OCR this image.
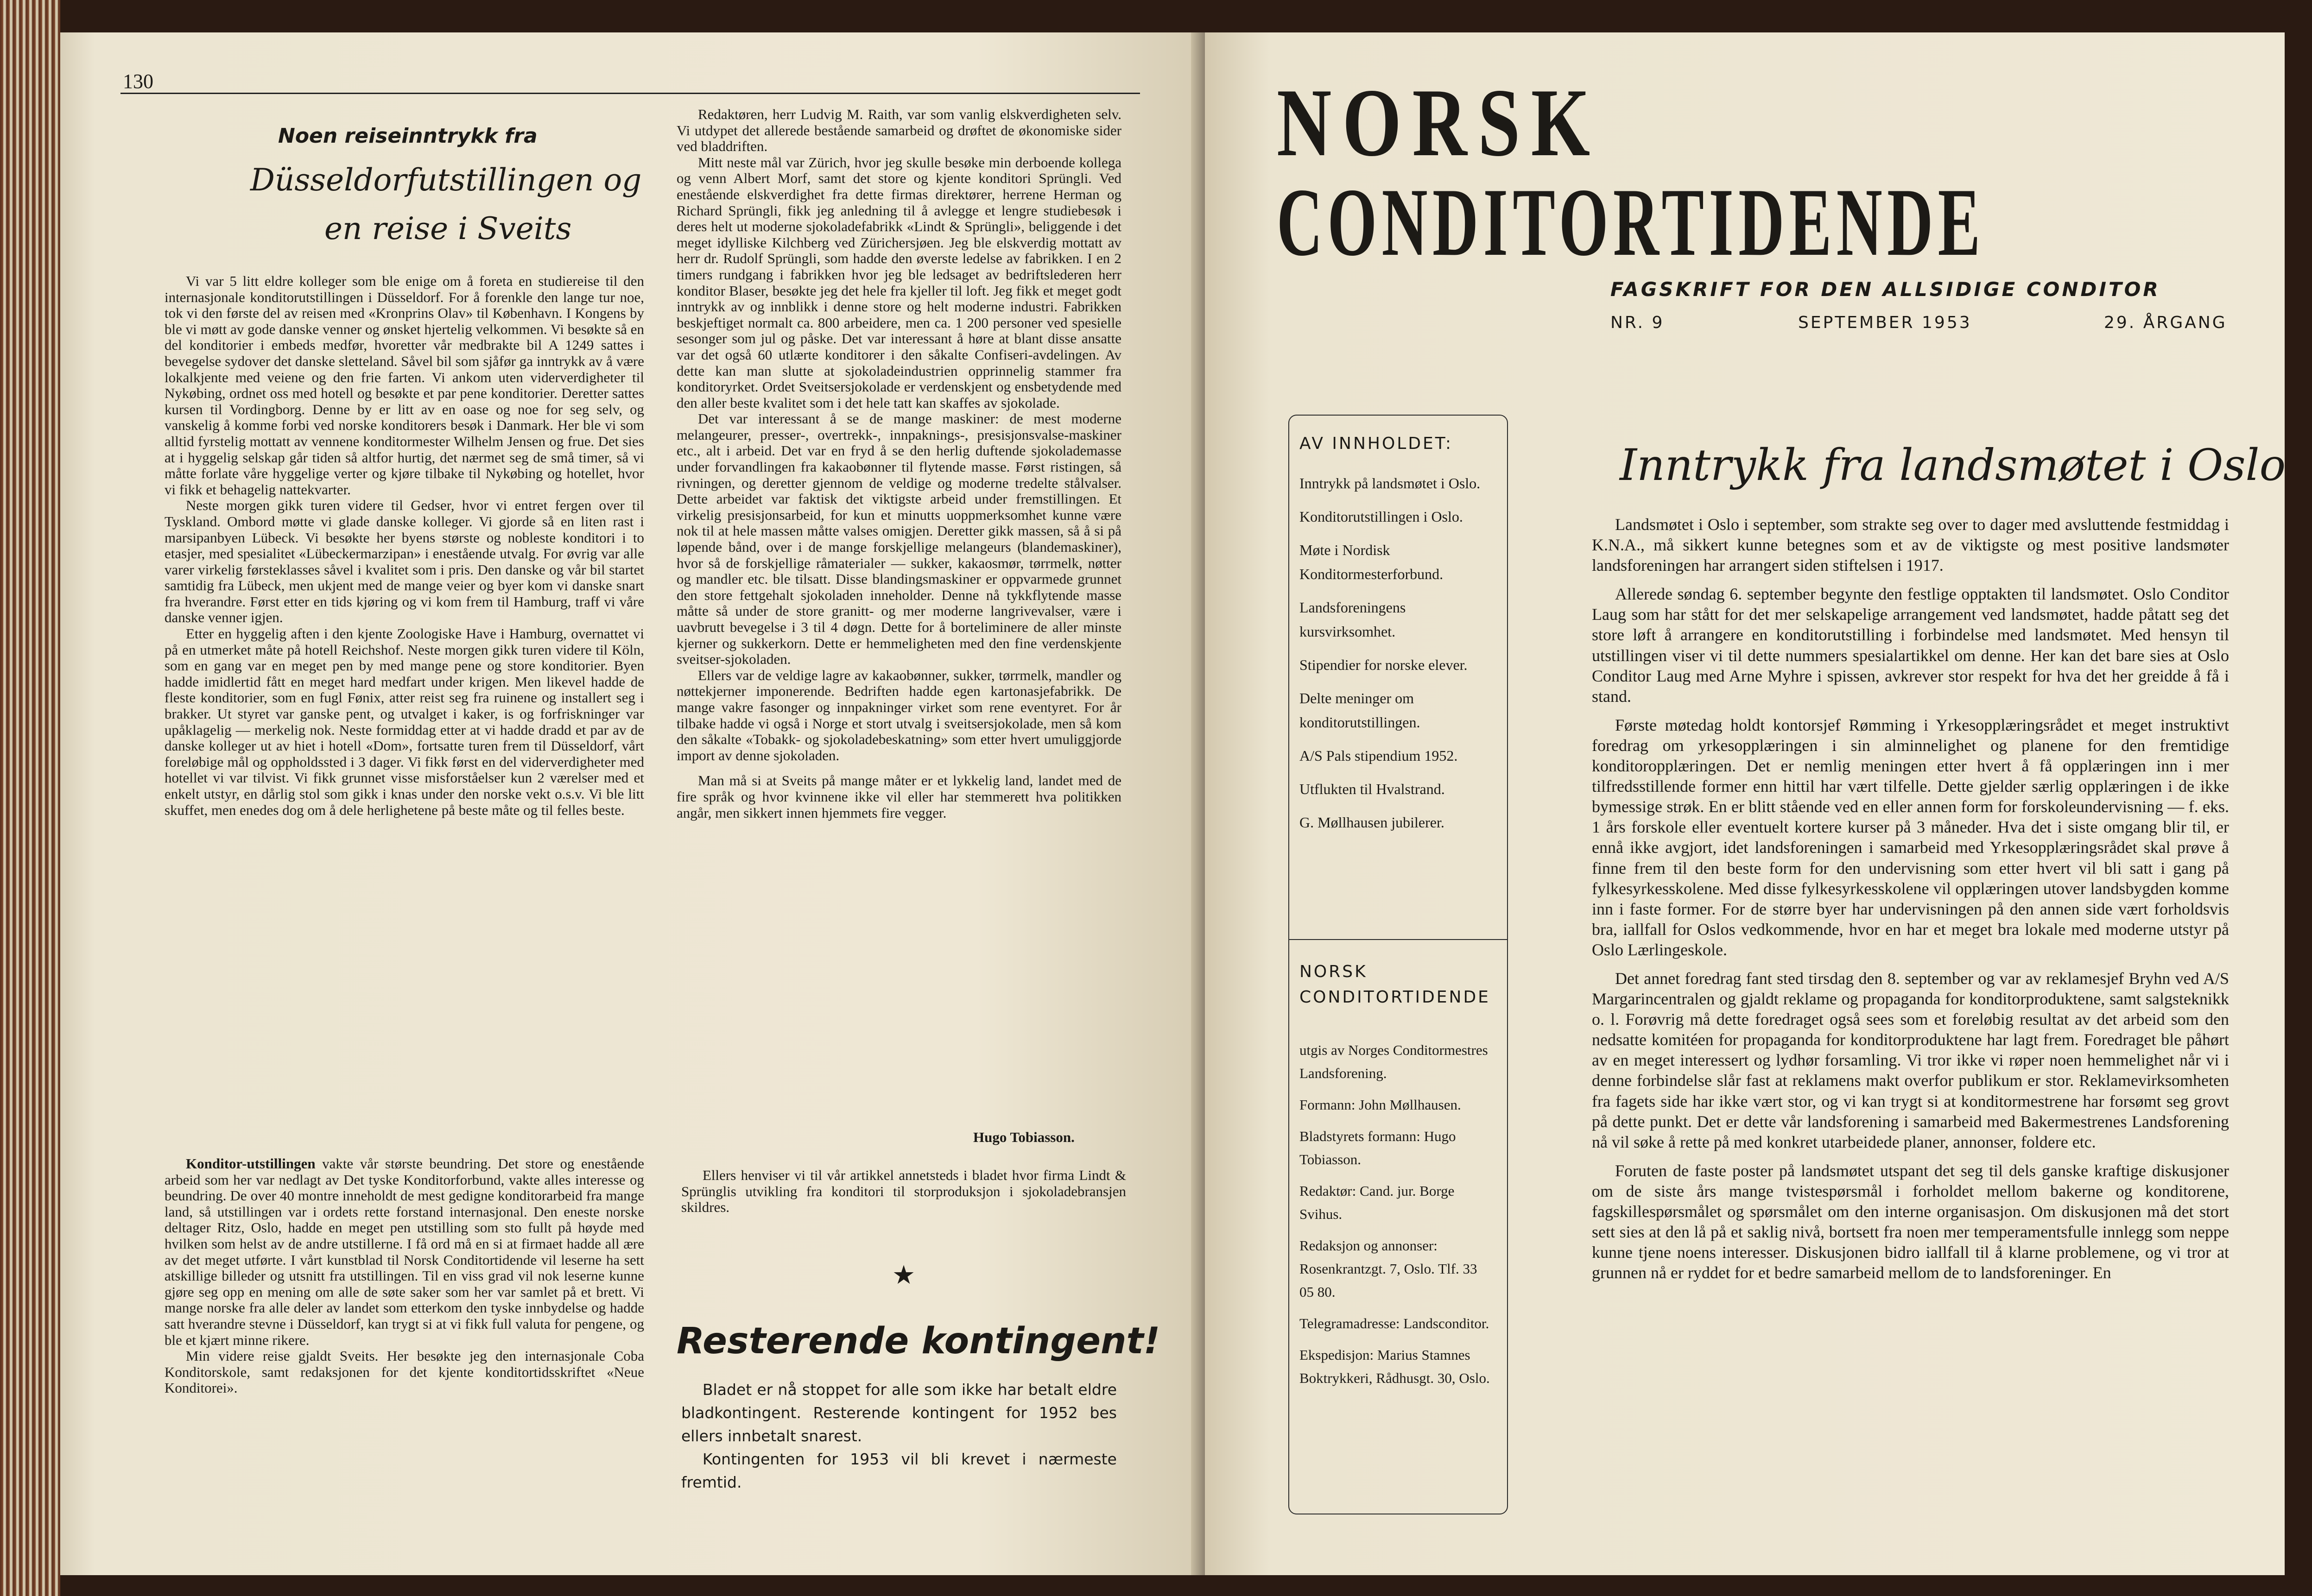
130
Noen reiseinntrykk fra
Düsseldorfutstillingen og
en reise i Sveits

Vi var 5 litt eldre kolleger som ble enige om å foreta en studiereise til den internasjonale konditorutstillingen i Düsseldorf. For å forenkle den lange tur noe, tok vi den første del av reisen med «Kronprins Olav» til København. I Kongens by ble vi møtt av gode danske venner og ønsket hjertelig velkommen. Vi besøkte så en del konditorier i embeds medfør, hvoretter vår medbrakte bil A 1249 sattes i bevegelse sydover det danske sletteland. Såvel bil som sjåfør ga inntrykk av å være lokalkjente med veiene og den frie farten. Vi ankom uten viderverdigheter til Nykøbing, ordnet oss med hotell og besøkte et par pene konditorier. Deretter sattes kursen til Vordingborg. Denne by er litt av en oase og noe for seg selv, og vanskelig å komme forbi ved norske konditorers besøk i Danmark. Her ble vi som alltid fyrstelig mottatt av vennene konditormester Wilhelm Jensen og frue. Det sies at i hyggelig selskap går tiden så altfor hurtig, det nærmet seg de små timer, så vi måtte forlate våre hyggelige verter og kjøre tilbake til Nykøbing og hotellet, hvor vi fikk et behagelig nattekvarter.

Neste morgen gikk turen videre til Gedser, hvor vi entret fergen over til Tyskland. Ombord møtte vi glade danske kolleger. Vi gjorde så en liten rast i marsipanbyen Lübeck. Vi besøkte her byens største og nobleste konditori i to etasjer, med spesialitet «Lübeckermarzipan» i enestående utvalg. For øvrig var alle varer virkelig førsteklasses såvel i kvalitet som i pris. Den danske og vår bil startet samtidig fra Lübeck, men ukjent med de mange veier og byer kom vi danske snart fra hverandre. Først etter en tids kjøring og vi kom frem til Hamburg, traff vi våre danske venner igjen.

Etter en hyggelig aften i den kjente Zoologiske Have i Hamburg, overnattet vi på en utmerket måte på hotell Reichshof. Neste morgen gikk turen videre til Köln, som en gang var en meget pen by med mange pene og store konditorier. Byen hadde imidlertid fått en meget hard medfart under krigen. Men likevel hadde de fleste konditorier, som en fugl Føniх, atter reist seg fra ruinene og installert seg i brakker. Ut styret var ganske pent, og utvalget i kaker, is og forfriskninger var upåklagelig — merkelig nok. Neste formiddag etter at vi hadde dradd et par av de danske kolleger ut av hiet i hotell «Dom», fortsatte turen frem til Düsseldorf, vårt foreløbige mål og oppholdssted i 3 dager. Vi fikk først en del viderverdigheter med hotellet vi var tilvist. Vi fikk grunnet visse misforståelser kun 2 værelser med et enkelt utstyr, en dårlig stol som gikk i knas under den norske vekt o.s.v. Vi ble litt skuffet, men enedes dog om å dele herlighetene på beste måte og til felles beste.

Konditor-utstillingen vakte vår største beundring. Det store og enestående arbeid som her var nedlagt av Det tyske Konditorforbund, vakte alles interesse og beundring. De over 40 montre inneholdt de mest gedigne konditorarbeid fra mange land, så utstillingen var i ordets rette forstand internasjonal. Den eneste norske deltager Ritz, Oslo, hadde en meget pen utstilling som sto fullt på høyde med hvilken som helst av de andre utstillerne. I få ord må en si at firmaet hadde all ære av det meget utførte. I vårt kunstblad til Norsk Conditortidende vil leserne ha sett atskillige billeder og utsnitt fra utstillingen. Til en viss grad vil nok leserne kunne gjøre seg opp en mening om alle de søte saker som her var samlet på et brett. Vi mange norske fra alle deler av landet som etterkom den tyske innbydelse og hadde satt hverandre stevne i Düsseldorf, kan trygt si at vi fikk full valuta for pengene, og ble et kjært minne rikere.

Min videre reise gjaldt Sveits. Her besøkte jeg den internasjonale Coba Konditorskole, samt redaksjonen for det kjente konditortidsskriftet «Neue Konditorei».

Redaktøren, herr Ludvig M. Raith, var som vanlig elskverdigheten selv. Vi utdypet det allerede bestående samarbeid og drøftet de økonomiske sider ved bladdriften.

Mitt neste mål var Zürich, hvor jeg skulle besøke min derboende kollega og venn Albert Morf, samt det store og kjente konditori Sprüngli. Ved enestående elskverdighet fra dette firmas direktører, herrene Herman og Richard Sprüngli, fikk jeg anledning til å avlegge et lengre studiebesøk i deres helt ut moderne sjokoladefabrikk «Lindt & Sprüngli», beliggende i det meget idylliske Kilchberg ved Zürichersjøen. Jeg ble elskverdig mottatt av herr dr. Rudolf Sprüngli, som hadde den øverste ledelse av fabrikken. I en 2 timers rundgang i fabrikken hvor jeg ble ledsaget av bedriftslederen herr konditor Blaser, besøkte jeg det hele fra kjeller til loft. Jeg fikk et meget godt inntrykk av og innblikk i denne store og helt moderne industri. Fabrikken beskjeftiget normalt ca. 800 arbeidere, men ca. 1 200 personer ved spesielle sesonger som jul og påske. Det var interessant å høre at blant disse ansatte var det også 60 utlærte konditorer i den såkalte Confiseri-avdelingen. Av dette kan man slutte at sjokoladeindustrien opprinnelig stammer fra konditoryrket. Ordet Sveitsersjokolade er verdenskjent og ensbetydende med den aller beste kvalitet som i det hele tatt kan skaffes av sjokolade.

Det var interessant å se de mange maskiner: de mest moderne melangeurer, presser-, overtrekk-, innpaknings-, presisjonsvalse-maskiner etc., alt i arbeid. Det var en fryd å se den herlig duftende sjokolademasse under forvandlingen fra kakaobønner til flytende masse. Først ristingen, så rivningen, og deretter gjennom de veldige og moderne tredelte stålvalser. Dette arbeidet var faktisk det viktigste arbeid under fremstillingen. Et virkelig presisjonsarbeid, for kun et minutts uoppmerksomhet kunne være nok til at hele massen måtte valses omigjen. Deretter gikk massen, så å si på løpende bånd, over i de mange forskjellige melangeurs (blandemaskiner), hvor så de forskjellige råmaterialer — sukker, kakaosmør, tørrmelk, nøtter og mandler etc. ble tilsatt. Disse blandingsmaskiner er oppvarmede grunnet den store fettgehalt sjokoladen inneholder. Denne nå tykkflytende masse måtte så under de store granitt- og mer moderne langrivevalser, være i uavbrutt bevegelse i 3 til 4 døgn. Dette for å borteliminere de aller minste kjerner og sukkerkorn. Dette er hemmeligheten med den fine verdenskjente sveitser-sjokoladen.

Ellers var de veldige lagre av kakaobønner, sukker, tørrmelk, mandler og nøttekjerner imponerende. Bedriften hadde egen kartonasjefabrikk. De mange vakre fasonger og innpakninger virket som rene eventyret. For år tilbake hadde vi også i Norge et stort utvalg i sveitsersjokolade, men så kom den såkalte «Tobakk- og sjokoladebeskatning» som etter hvert umuliggjorde import av denne sjokoladen.

Man må si at Sveits på mange måter er et lykkelig land, landet med de fire språk og hvor kvinnene ikke vil eller har stemmerett hva politikken angår, men sikkert innen hjemmets fire vegger.

Hugo Tobiasson.

Ellers henviser vi til vår artikkel annetsteds i bladet hvor firma Lindt & Sprünglis utvikling fra konditori til storproduksjon i sjokoladebransjen skildres.

★
Resterende kontingent!

Bladet er nå stoppet for alle som ikke har betalt eldre bladkontingent. Resterende kontingent for 1952 bes ellers innbetalt snarest.

Kontingenten for 1953 vil bli krevet i nærmeste fremtid.

NORSK
CONDITORTIDENDE
FAGSKRIFT FOR DEN ALLSIDIGE CONDITOR
NR. 9	SEPTEMBER 1953	29. ÅRGANG
AV INNHOLDET:
Inntrykk på landsmøtet i Oslo.
Konditorutstillingen i Oslo.
Møte i Nordisk Konditormesterforbund.
Landsforeningens kursvirksomhet.
Stipendier for norske elever.
Delte meninger om konditorutstillingen.
A/S Pals stipendium 1952.
Utflukten til Hvalstrand.
G. Møllhausen jubilerer.
NORSK
CONDITORTIDENDE
utgis av Norges Conditormestres Landsforening.
Formann: John Møllhausen.
Bladstyrets formann: Hugo Tobiasson.
Redaktør: Cand. jur. Borge Svihus.
Redaksjon og annonser: Rosenkrantzgt. 7, Oslo. Tlf. 33 05 80.
Telegramadresse: Landsconditor.
Ekspedisjon: Marius Stamnes Boktrykkeri, Rådhusgt. 30, Oslo.
Inntrykk fra landsmøtet i Oslo

Landsmøtet i Oslo i september, som strakte seg over to dager med avsluttende festmiddag i K.N.A., må sikkert kunne betegnes som et av de viktigste og mest positive landsmøter landsforeningen har arrangert siden stiftelsen i 1917.

Allerede søndag 6. september begynte den festlige opptakten til landsmøtet. Oslo Conditor Laug som har stått for det mer selskapelige arrangement ved landsmøtet, hadde påtatt seg det store løft å arrangere en konditorutstilling i forbindelse med landsmøtet. Med hensyn til utstillingen viser vi til dette nummers spesialartikkel om denne. Her kan det bare sies at Oslo Conditor Laug med Arne Myhre i spissen, avkrever stor respekt for hva det her greidde å få i stand.

Første møtedag holdt kontorsjef Rømming i Yrkesopplæringsrådet et meget instruktivt foredrag om yrkesopplæringen i sin alminnelighet og planene for den fremtidige konditoropplæringen. Det er nemlig meningen etter hvert å få opplæringen inn i mer tilfredsstillende former enn hittil har vært tilfelle. Dette gjelder særlig opplæringen i de ikke bymessige strøk. En er blitt stående ved en eller annen form for forskoleundervisning — f. eks. 1 års forskole eller eventuelt kortere kurser på 3 måneder. Hva det i siste omgang blir til, er ennå ikke avgjort, idet landsforeningen i samarbeid med Yrkesopplæringsrådet skal prøve å finne frem til den beste form for den undervisning som etter hvert vil bli satt i gang på fylkesyrkesskolene. Med disse fylkesyrkesskolene vil opplæringen utover landsbygden komme inn i faste former. For de større byer har undervisningen på den annen side vært forholdsvis bra, iallfall for Oslos vedkommende, hvor en har et meget bra lokale med moderne utstyr på Oslo Lærlingeskole.

Det annet foredrag fant sted tirsdag den 8. september og var av reklamesjef Bryhn ved A/S Margarincentralen og gjaldt reklame og propaganda for konditorproduktene, samt salgsteknikk o. l. Forøvrig må dette foredraget også sees som et foreløbig resultat av det arbeid som den nedsatte komitéen for propaganda for konditorproduktene har lagt frem. Foredraget ble påhørt av en meget interessert og lydhør forsamling. Vi tror ikke vi røper noen hemmelighet når vi i denne forbindelse slår fast at reklamens makt overfor publikum er stor. Reklamevirksomheten fra fagets side har ikke vært stor, og vi kan trygt si at konditormestrene har forsømt seg grovt på dette punkt. Det er dette vår landsforening i samarbeid med Bakermestrenes Landsforening nå vil søke å rette på med konkret utarbeidede planer, annonser, foldere etc.

Foruten de faste poster på landsmøtet utspant det seg til dels ganske kraftige diskusjoner om de siste års mange tvistespørsmål i forholdet mellom bakerne og konditorene, fagskillespørsmålet og spørsmålet om den interne organisasjon. Om diskusjonen må det stort sett sies at den lå på et saklig nivå, bortsett fra noen mer temperamentsfulle innlegg som neppe kunne tjene noens interesser. Diskusjonen bidro iallfall til å klarne problemene, og vi tror at grunnen nå er ryddet for et bedre samarbeid mellom de to landsforeninger. En
